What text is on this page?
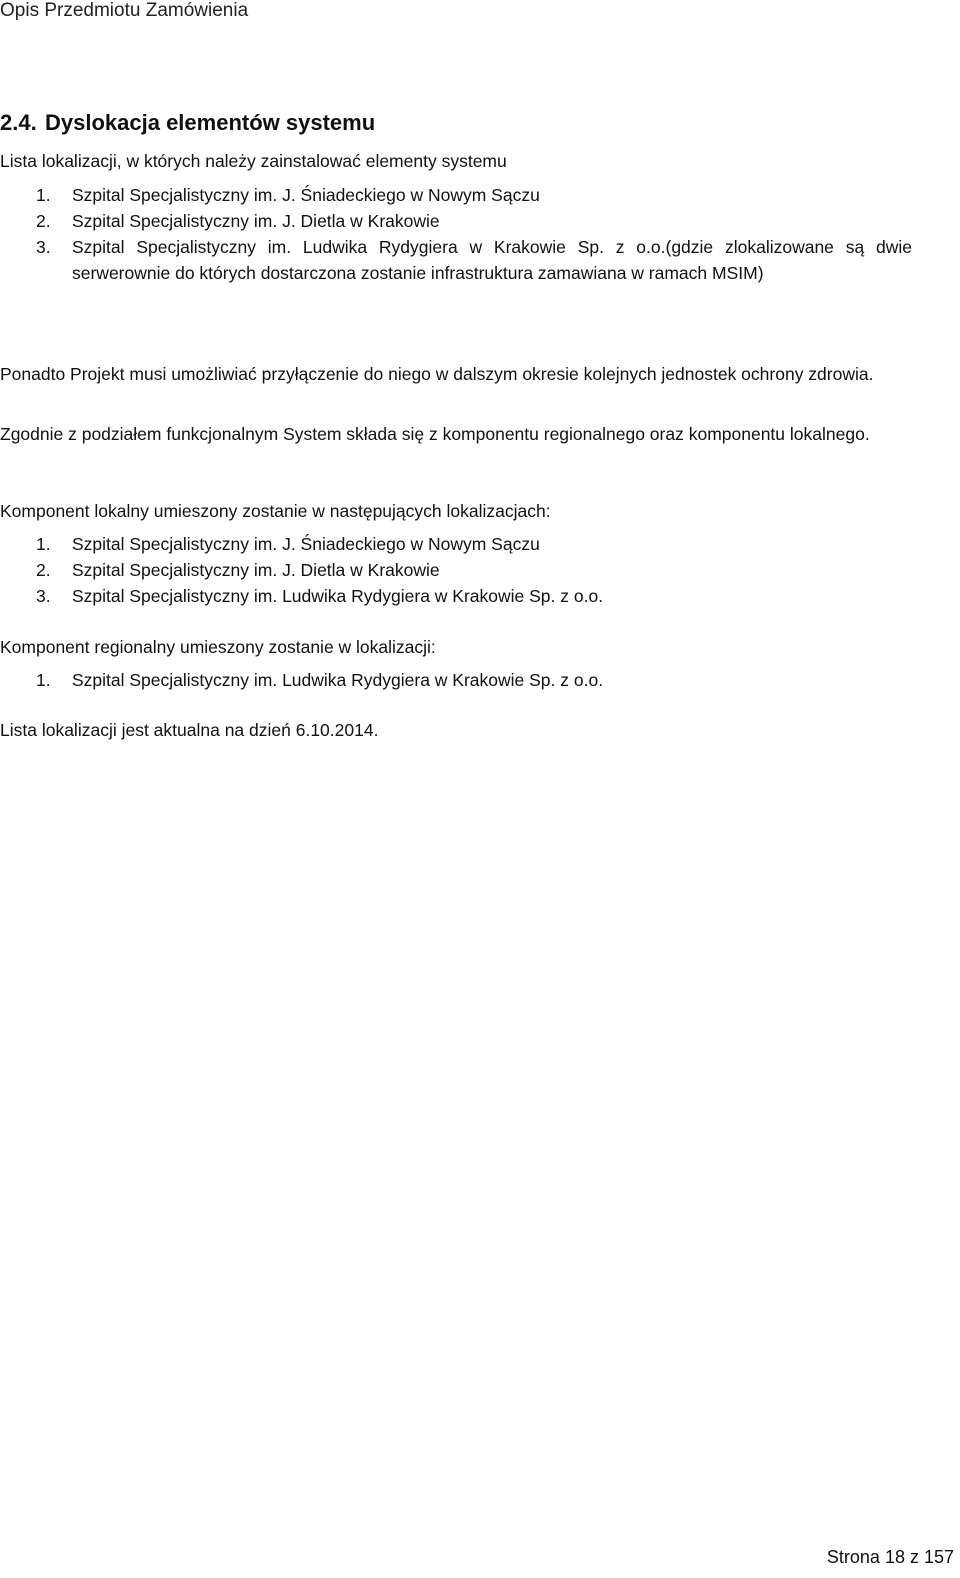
Opis Przedmiotu Zamówienia
2.4. Dyslokacja elementów systemu
Lista lokalizacji, w których należy zainstalować elementy systemu
1.	Szpital Specjalistyczny im. J. Śniadeckiego w Nowym Sączu
2.	Szpital Specjalistyczny im. J. Dietla w Krakowie
3.	Szpital Specjalistyczny im. Ludwika Rydygiera w Krakowie Sp. z o.o.(gdzie zlokalizowane są dwie serwerownie do których dostarczona zostanie infrastruktura zamawiana w ramach MSIM)
Ponadto Projekt musi umożliwiać przyłączenie do niego w dalszym okresie kolejnych jednostek ochrony zdrowia.
Zgodnie z podziałem funkcjonalnym System składa się z komponentu regionalnego oraz komponentu lokalnego.
Komponent lokalny umieszony zostanie w następujących lokalizacjach:
1.	Szpital Specjalistyczny im. J. Śniadeckiego w Nowym Sączu
2.	Szpital Specjalistyczny im. J. Dietla w Krakowie
3.	Szpital Specjalistyczny im. Ludwika Rydygiera w Krakowie Sp. z o.o.
Komponent regionalny umieszony zostanie w lokalizacji:
1.	Szpital Specjalistyczny im. Ludwika Rydygiera w Krakowie Sp. z o.o.
Lista lokalizacji jest aktualna na dzień 6.10.2014.
Strona 18 z 157
